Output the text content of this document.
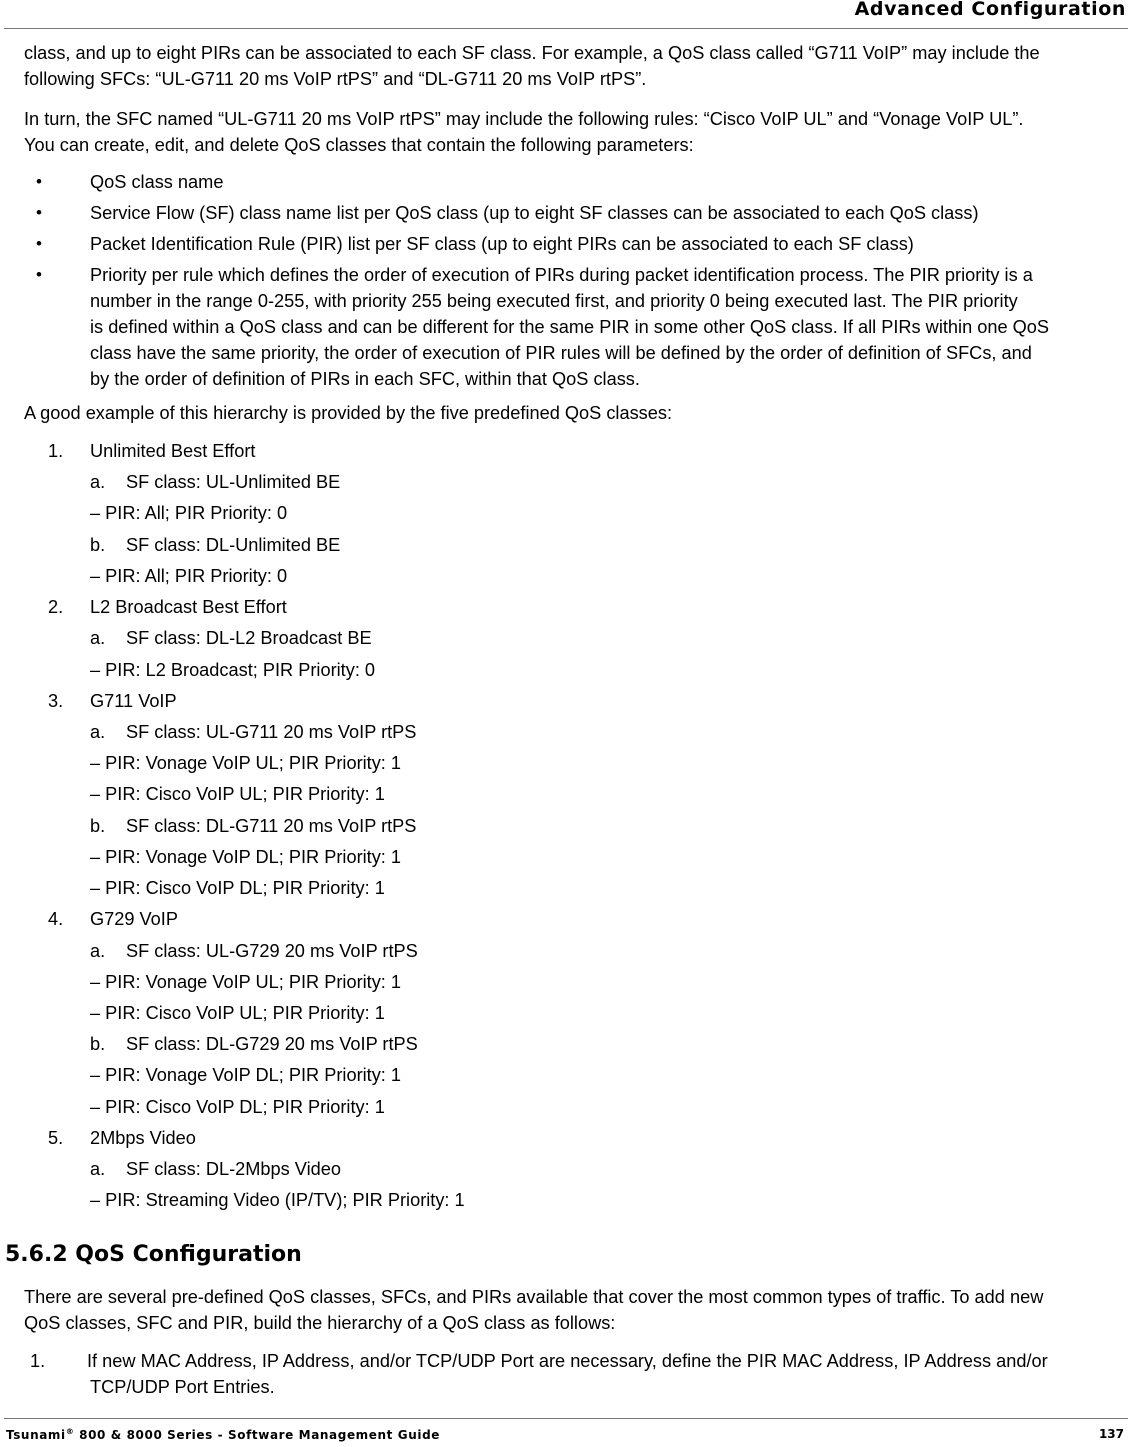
Advanced Configuration
class, and up to eight PIRs can be associated to each SF class. For example, a QoS class called “G711 VoIP” may include the
following SFCs: “UL-G711 20 ms VoIP rtPS” and “DL-G711 20 ms VoIP rtPS”.
In turn, the SFC named “UL-G711 20 ms VoIP rtPS” may include the following rules: “Cisco VoIP UL” and “Vonage VoIP UL”.
You can create, edit, and delete QoS classes that contain the following parameters:
•	QoS class name
•	Service Flow (SF) class name list per QoS class (up to eight SF classes can be associated to each QoS class)
•	Packet Identification Rule (PIR) list per SF class (up to eight PIRs can be associated to each SF class)
•	Priority per rule which defines the order of execution of PIRs during packet identification process. The PIR priority is a
number in the range 0-255, with priority 255 being executed first, and priority 0 being executed last. The PIR priority
is defined within a QoS class and can be different for the same PIR in some other QoS class. If all PIRs within one QoS
class have the same priority, the order of execution of PIR rules will be defined by the order of definition of SFCs, and
by the order of definition of PIRs in each SFC, within that QoS class.
A good example of this hierarchy is provided by the five predefined QoS classes:
1. Unlimited Best Effort
a. SF class: UL-Unlimited BE
– PIR: All; PIR Priority: 0
b. SF class: DL-Unlimited BE
– PIR: All; PIR Priority: 0
2. L2 Broadcast Best Effort
a. SF class: DL-L2 Broadcast BE
– PIR: L2 Broadcast; PIR Priority: 0
3. G711 VoIP
a. SF class: UL-G711 20 ms VoIP rtPS
– PIR: Vonage VoIP UL; PIR Priority: 1
– PIR: Cisco VoIP UL; PIR Priority: 1
b. SF class: DL-G711 20 ms VoIP rtPS
– PIR: Vonage VoIP DL; PIR Priority: 1
– PIR: Cisco VoIP DL; PIR Priority: 1
4. G729 VoIP
a. SF class: UL-G729 20 ms VoIP rtPS
– PIR: Vonage VoIP UL; PIR Priority: 1
– PIR: Cisco VoIP UL; PIR Priority: 1
b. SF class: DL-G729 20 ms VoIP rtPS
– PIR: Vonage VoIP DL; PIR Priority: 1
– PIR: Cisco VoIP DL; PIR Priority: 1
5. 2Mbps Video
a. SF class: DL-2Mbps Video
– PIR: Streaming Video (IP/TV); PIR Priority: 1
5.6.2 QoS Configuration
There are several pre-defined QoS classes, SFCs, and PIRs available that cover the most common types of traffic. To add new
QoS classes, SFC and PIR, build the hierarchy of a QoS class as follows:
1. If new MAC Address, IP Address, and/or TCP/UDP Port are necessary, define the PIR MAC Address, IP Address and/or
TCP/UDP Port Entries.
Tsunami® 800 & 8000 Series - Software Management Guide	137
